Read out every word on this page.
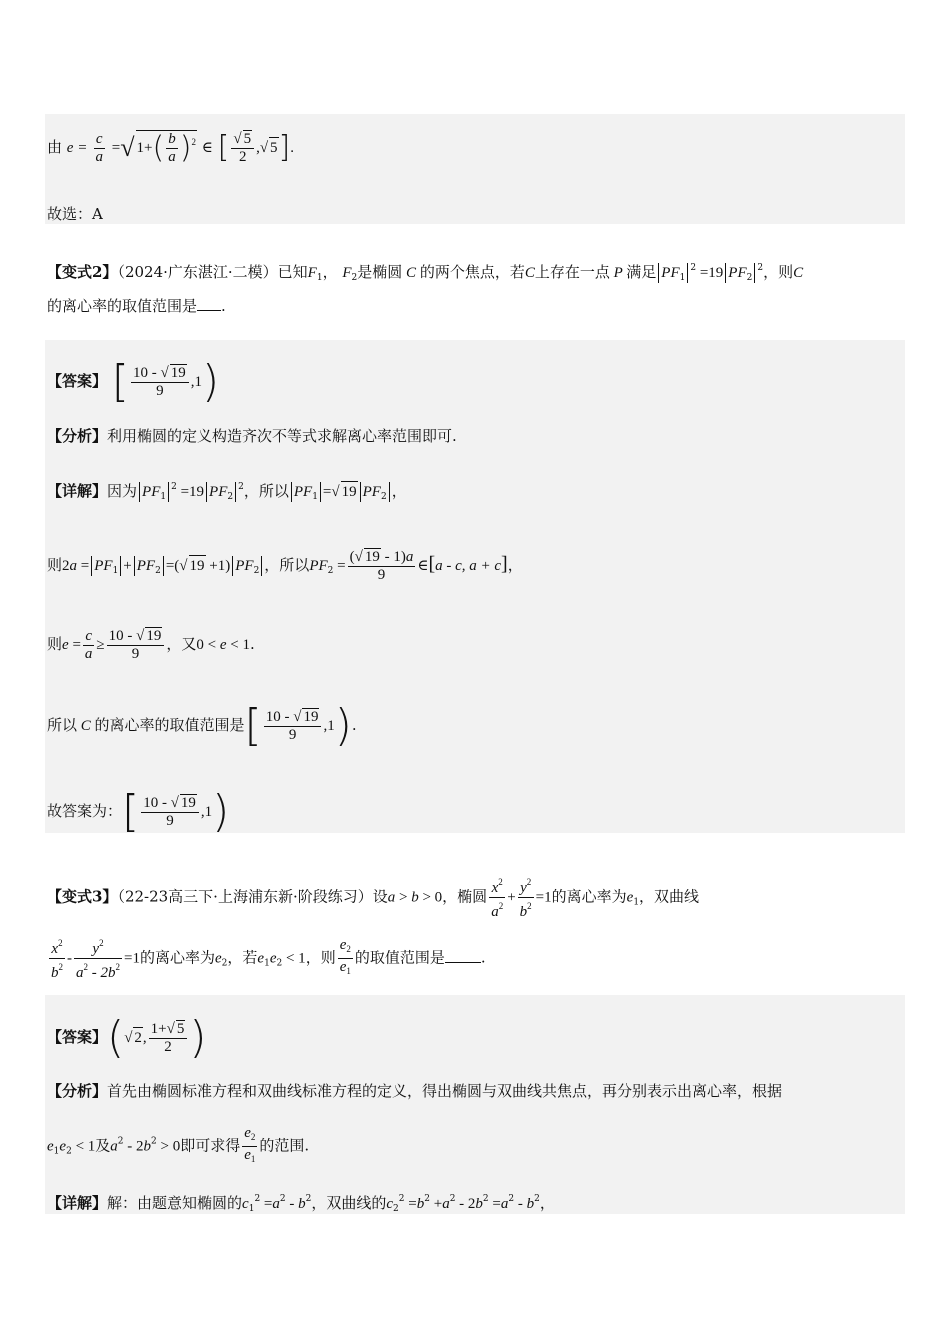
由 $e = \frac{c}{a}$ =√ $1+( \frac{b}{a} )^2$ ∈ [ $\frac{√ 5}{2}$ ,√ 5].
故选：A
【变式2】（2024·广东湛江·二模）已知$F_1$， $F_2$是椭圆 C 的两个焦点，若C上存在一点 P 满足 $PF_1^2 =19$ $PF_2^2$，则C
的离心率的取值范围是 .
【答案】 [ $\frac{10 - √ 19}{9} ,1$)
【分析】利用椭圆的定义构造齐次不等式求解离心率范围即可.
【详解】因为 $PF_1^2 =19$ $PF_2^2$，所以 $PF_1$ =√ 19 $PF_2$ ，
则$2a = PF_1 + PF_2$ =(√ 19 +1) $PF_2$ ，所以$PF_2 = \frac{(√ 19 - 1)a}{9}$ ∈[a - c, a + c]，
则$e = \frac{c}{a} \ge \frac{10 - √ 19}{9}$ ，又0 < e < 1.
所以 C 的离心率的取值范围是[ $\frac{10 - √ 19}{9} ,1$).
故答案为：[ $\frac{10 - √ 19}{9} ,1$)
【变式3】（22-23高三下·上海浦东新·阶段练习）设a > b > 0，椭圆 $\frac{x^2}{a^2} + \frac{y^2}{b^2} =1$的离心率为$e_1$，双曲线
$\frac{x^2}{b^2} - \frac{y^2}{a^2 - 2b^2} =1$的离心率为$e_2$，若$e_1e_2 < 1$，则 $\frac{e_2}{e_1}$ 的取值范围是 .
【答案】(√ 2, $\frac{1+√ 5}{2}$ )
【分析】首先由椭圆标准方程和双曲线标准方程的定义，得出椭圆与双曲线共焦点，再分别表示出离心率，根据
$e_1e_2 < 1$及$a^2 - 2b^2 > 0$即可求得 $\frac{e_2}{e_1}$ 的范围.
【详解】解：由题意知椭圆的$c_1^2 =a^2 - b^2$，双曲线的$c_2^2 =b^2 +a^2 - 2b^2 =a^2 - b^2$，
